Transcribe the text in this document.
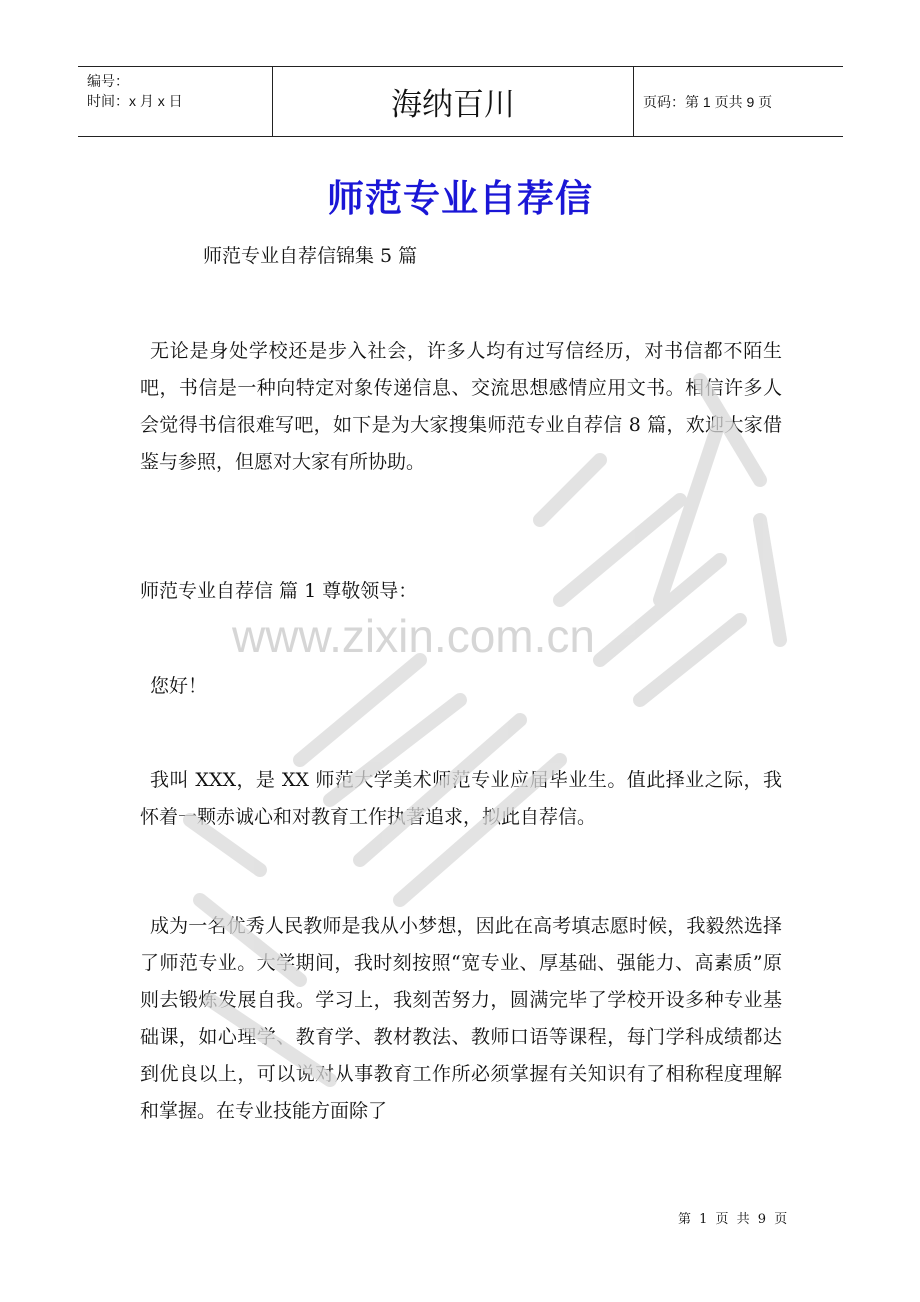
编号：
时间：x 月 x 日	海纳百川	页码：第 1 页共 9 页
师范专业自荐信
师范专业自荐信锦集 5 篇
无论是身处学校还是步入社会，许多人均有过写信经历，对书信都不陌生吧，书信是一种向特定对象传递信息、交流思想感情应用文书。相信许多人会觉得书信很难写吧，如下是为大家搜集师范专业自荐信 8 篇，欢迎大家借鉴与参照，但愿对大家有所协助。
师范专业自荐信 篇 1 尊敬领导：
您好！
我叫 XXX，是 XX 师范大学美术师范专业应届毕业生。值此择业之际，我怀着一颗赤诚心和对教育工作执著追求，拟此自荐信。
成为一名优秀人民教师是我从小梦想，因此在高考填志愿时候，我毅然选择了师范专业。大学期间，我时刻按照“宽专业、厚基础、强能力、高素质”原则去锻炼发展自我。学习上，我刻苦努力，圆满完毕了学校开设多种专业基础课，如心理学、教育学、教材教法、教师口语等课程，每门学科成绩都达到优良以上，可以说对从事教育工作所必须掌握有关知识有了相称程度理解和掌握。在专业技能方面除了
www.zixin.com.cn
第 1 页 共 9 页
